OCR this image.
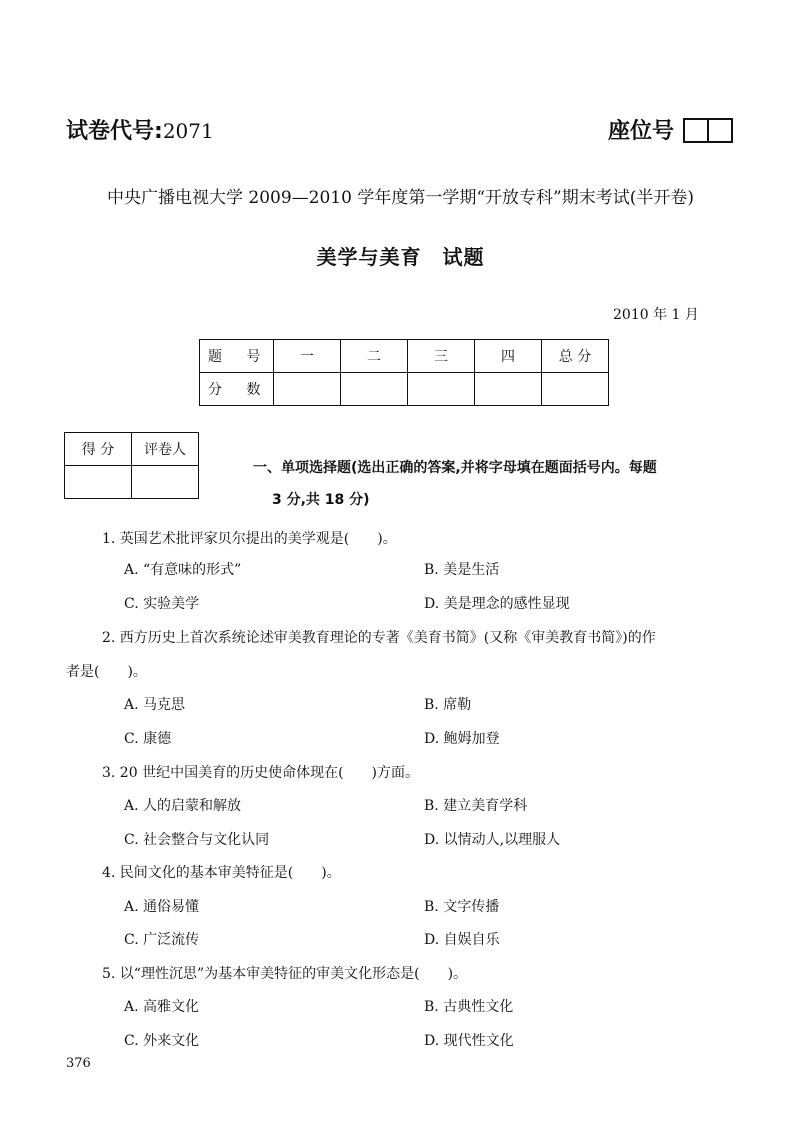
试卷代号:2071	座位号
中央广播电视大学 2009—2010 学年度第一学期“开放专科”期末考试(半开卷)
美学与美育　试题
2010 年 1 月
题 号	一	二	三	四	总 分
分 数					
得 分	评卷人

一、单项选择题(选出正确的答案,并将字母填在题面括号内。每题
3 分,共 18 分)
1. 英国艺术批评家贝尔提出的美学观是(　　)。
A. “有意味的形式”	B. 美是生活
C. 实验美学	D. 美是理念的感性显现
2. 西方历史上首次系统论述审美教育理论的专著《美育书简》(又称《审美教育书简》)的作
者是(　　)。
A. 马克思	B. 席勒
C. 康德	D. 鲍姆加登
3. 20 世纪中国美育的历史使命体现在(　　)方面。
A. 人的启蒙和解放	B. 建立美育学科
C. 社会整合与文化认同	D. 以情动人,以理服人
4. 民间文化的基本审美特征是(　　)。
A. 通俗易懂	B. 文字传播
C. 广泛流传	D. 自娱自乐
5. 以“理性沉思”为基本审美特征的审美文化形态是(　　)。
A. 高雅文化	B. 古典性文化
C. 外来文化	D. 现代性文化
376
